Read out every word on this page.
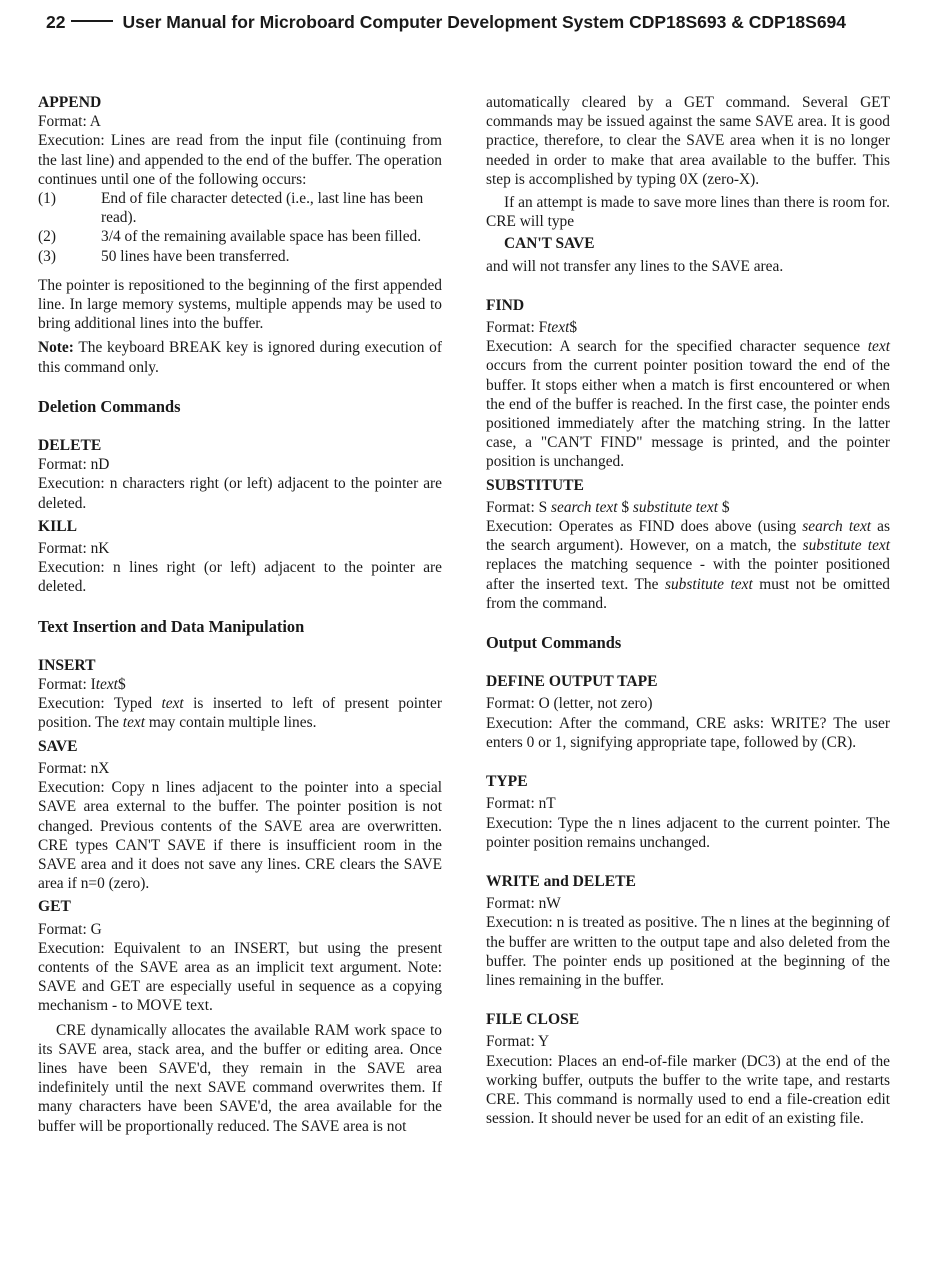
22	User Manual for Microboard Computer Development System CDP18S693 & CDP18S694
APPEND

Format: A

Execution: Lines are read from the input file (continuing from the last line) and appended to the end of the buffer. The operation continues until one of the following occurs:

(1)	End of file character detected (i.e., last line has been read).
(2)	3/4 of the remaining available space has been filled.
(3)	50 lines have been transferred.

The pointer is repositioned to the beginning of the first appended line. In large memory systems, multiple appends may be used to bring additional lines into the buffer.

Note: The keyboard BREAK key is ignored during execution of this command only.

Deletion Commands
DELETE

Format: nD

Execution: n characters right (or left) adjacent to the pointer are deleted.

KILL

Format: nK

Execution: n lines right (or left) adjacent to the pointer are deleted.

Text Insertion and Data Manipulation
INSERT

Format: Itext$

Execution: Typed text is inserted to left of present pointer position. The text may contain multiple lines.

SAVE

Format: nX

Execution: Copy n lines adjacent to the pointer into a special SAVE area external to the buffer. The pointer position is not changed. Previous contents of the SAVE area are overwritten. CRE types CAN'T SAVE if there is insufficient room in the SAVE area and it does not save any lines. CRE clears the SAVE area if n=0 (zero).

GET

Format: G

Execution: Equivalent to an INSERT, but using the present contents of the SAVE area as an implicit text argument. Note: SAVE and GET are especially useful in sequence as a copying mechanism - to MOVE text.

CRE dynamically allocates the available RAM work space to its SAVE area, stack area, and the buffer or editing area. Once lines have been SAVE'd, they remain in the SAVE area indefinitely until the next SAVE command overwrites them. If many characters have been SAVE'd, the area available for the buffer will be proportionally reduced. The SAVE area is not

automatically cleared by a GET command. Several GET commands may be issued against the same SAVE area. It is good practice, therefore, to clear the SAVE area when it is no longer needed in order to make that area available to the buffer. This step is accomplished by typing 0X (zero-X).

If an attempt is made to save more lines than there is room for. CRE will type

CAN'T SAVE

and will not transfer any lines to the SAVE area.

FIND

Format: Ftext$

Execution: A search for the specified character sequence text occurs from the current pointer position toward the end of the buffer. It stops either when a match is first encountered or when the end of the buffer is reached. In the first case, the pointer ends positioned immediately after the matching string. In the latter case, a "CAN'T FIND" message is printed, and the pointer position is unchanged.

SUBSTITUTE

Format: S search text $ substitute text $

Execution: Operates as FIND does above (using search text as the search argument). However, on a match, the substitute text replaces the matching sequence - with the pointer positioned after the inserted text. The substitute text must not be omitted from the command.

Output Commands
DEFINE OUTPUT TAPE

Format: O (letter, not zero)

Execution: After the command, CRE asks: WRITE? The user enters 0 or 1, signifying appropriate tape, followed by (CR).

TYPE

Format: nT

Execution: Type the n lines adjacent to the current pointer. The pointer position remains unchanged.

WRITE and DELETE

Format: nW

Execution: n is treated as positive. The n lines at the beginning of the buffer are written to the output tape and also deleted from the buffer. The pointer ends up positioned at the beginning of the lines remaining in the buffer.

FILE CLOSE

Format: Y

Execution: Places an end-of-file marker (DC3) at the end of the working buffer, outputs the buffer to the write tape, and restarts CRE. This command is normally used to end a file-creation edit session. It should never be used for an edit of an existing file.
